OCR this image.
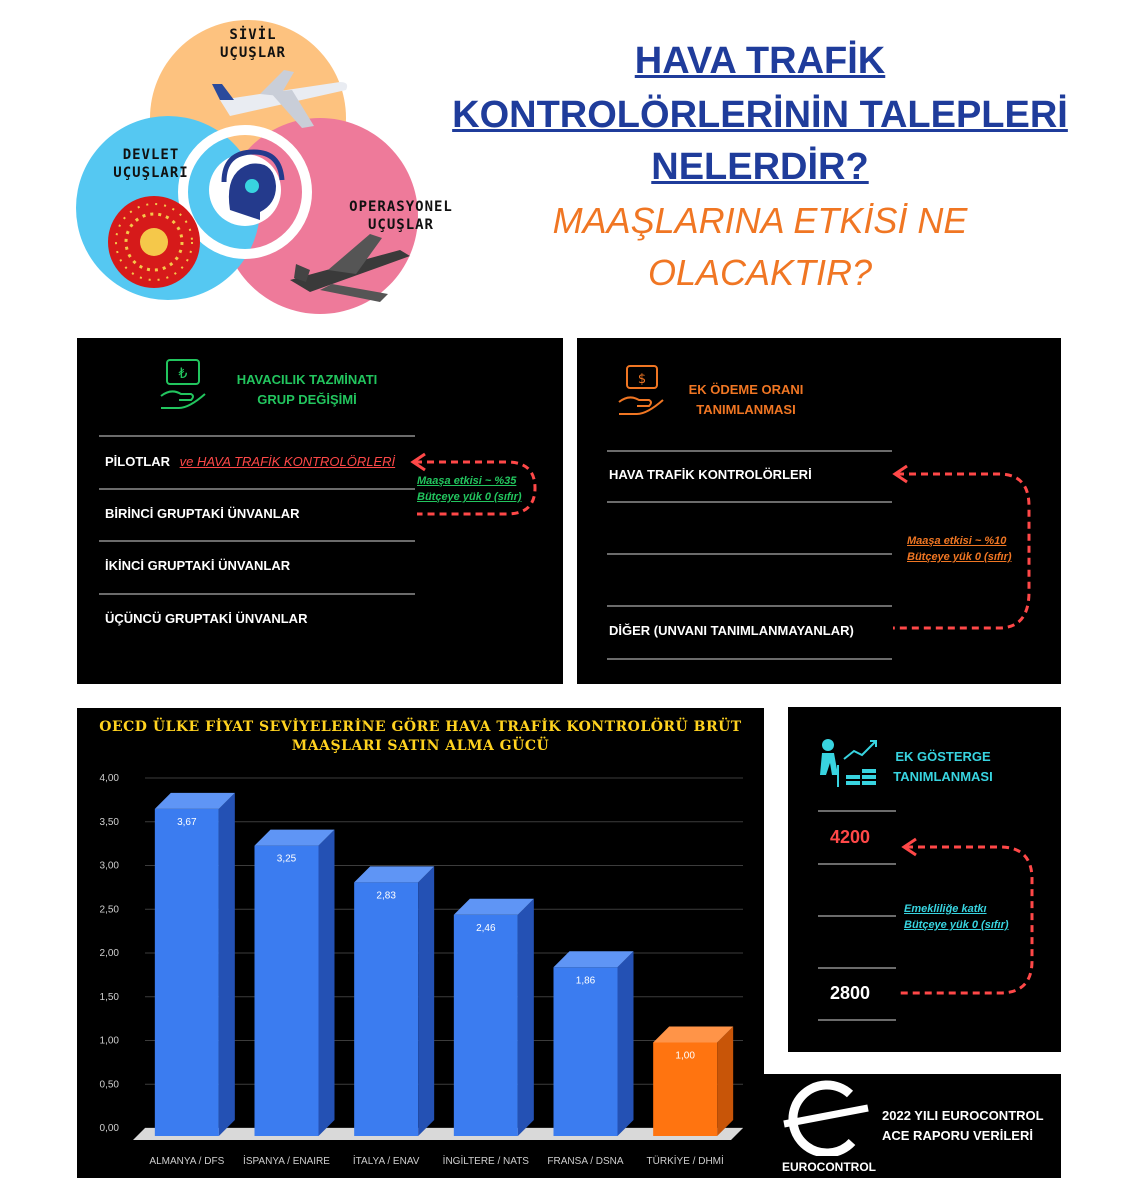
SİVİL
UÇUŞLAR
DEVLET
UÇUŞLARI
OPERASYONEL
UÇUŞLAR
HAVA TRAFİK
KONTROLÖRLERİNİN TALEPLERİ
NELERDİR?
MAAŞLARINA ETKİSİ NE
OLACAKTIR?
₺	HAVACILIK TAZMİNATI
GRUP DEĞİŞİMİ
PİLOTLAR ve HAVA TRAFİK KONTROLÖRLERİ
BİRİNCİ GRUPTAKİ ÜNVANLAR
İKİNCİ GRUPTAKİ ÜNVANLAR
ÜÇÜNCÜ GRUPTAKİ ÜNVANLAR
Maaşa etkisi ~ %35
Bütçeye yük 0 (sıfır)
$
EK ÖDEME ORANI
TANIMLANMASI
HAVA TRAFİK KONTROLÖRLERİ
DİĞER (UNVANI TANIMLANMAYANLAR)
Maaşa etkisi ~ %10
Bütçeye yük 0 (sıfır)
OECD ÜLKE FİYAT SEVİYELERİNE GÖRE HAVA TRAFİK KONTROLÖRÜ BRÜT
MAAŞLARI SATIN ALMA GÜCÜ
0,00
0,50
1,00
1,50
2,00
2,50
3,00
3,50
4,00
3,67
ALMANYA / DFS
3,25
İSPANYA / ENAIRE
2,83
İTALYA / ENAV
2,46
İNGİLTERE / NATS
1,86
FRANSA / DSNA
1,00
TÜRKİYE / DHMİ
EK GÖSTERGE
TANIMLANMASI
4200
2800
Emekliliğe katkı
Bütçeye yük 0 (sıfır)
EUROCONTROL
2022 YILI EUROCONTROL
ACE RAPORU VERİLERİ
